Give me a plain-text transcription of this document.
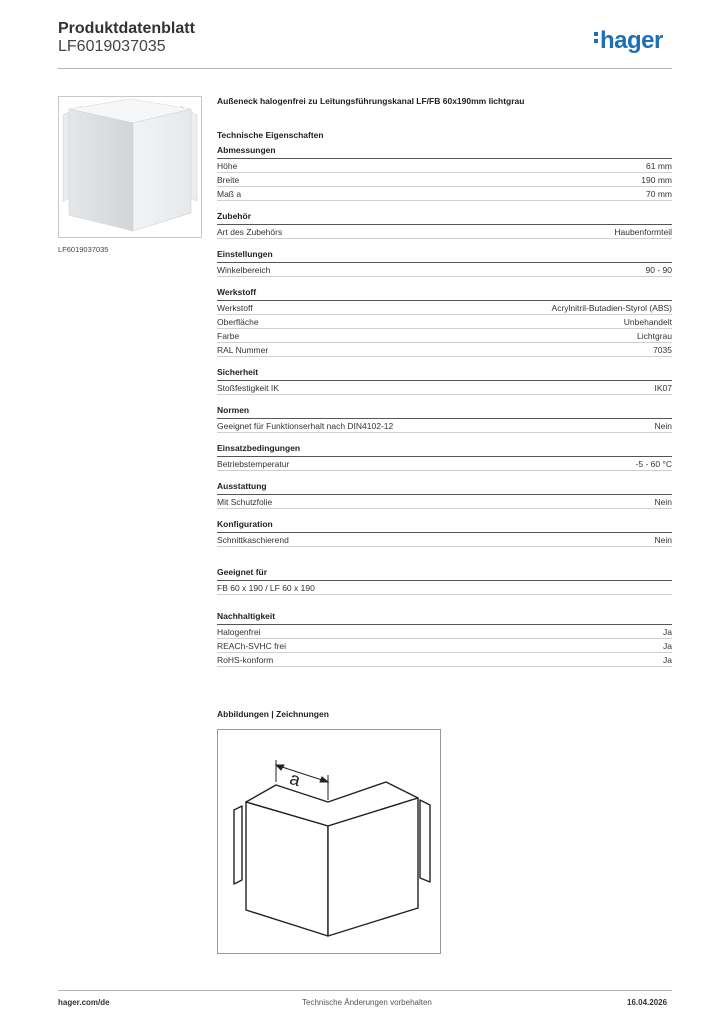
Produktdatenblatt
LF6019037035	hager
LF6019037035
Außeneck halogenfrei zu Leitungsführungskanal LF/FB 60x190mm lichtgrau
Technische Eigenschaften
Abmessungen
Höhe	61 mm
Breite	190 mm
Maß a	70 mm
Zubehör
Art des Zubehörs	Haubenformteil
Einstellungen
Winkelbereich	90 - 90
Werkstoff
Werkstoff	Acrylnitril-Butadien-Styrol (ABS)
Oberfläche	Unbehandelt
Farbe	Lichtgrau
RAL Nummer	7035
Sicherheit
Stoßfestigkeit IK	IK07
Normen
Geeignet für Funktionserhalt nach DIN4102-12	Nein
Einsatzbedingungen
Betriebstemperatur	-5 - 60 °C
Ausstattung
Mit Schutzfolie	Nein
Konfiguration
Schnittkaschierend	Nein
Geeignet für
FB 60 x 190 / LF 60 x 190
Nachhaltigkeit
Halogenfrei	Ja
REACh-SVHC frei	Ja
RoHS-konform	Ja
Abbildungen | Zeichnungen
a
hager.com/de	Technische Änderungen vorbehalten	16.04.2026
